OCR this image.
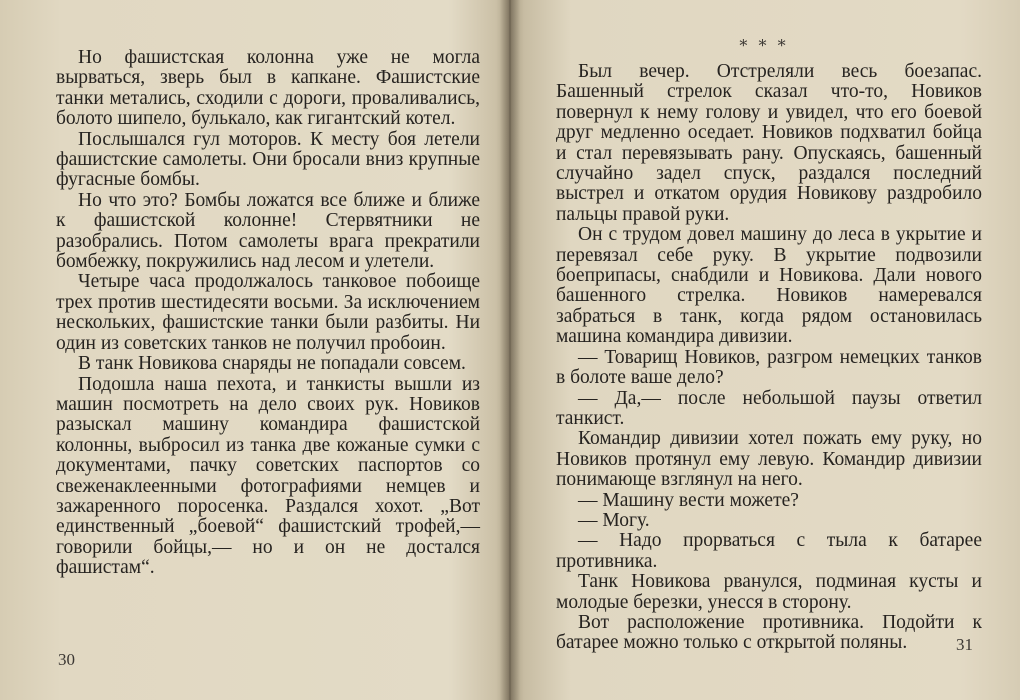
Но фашистская колонна уже не могла вырваться, зверь был в капкане. Фашистские танки метались, сходили с дороги, проваливались, болото шипело, булькало, как гигантский котел.

Послышался гул моторов. К месту боя летели фашистские самолеты. Они бросали вниз крупные фугасные бомбы.

Но что это? Бомбы ложатся все ближе и ближе к фашистской колонне! Стервятники не разобрались. Потом самолеты врага прекратили бомбежку, покружились над лесом и улетели.

Четыре часа продолжалось танковое побоище трех против шестидесяти восьми. За исключением нескольких, фашистские танки были разбиты. Ни один из советских танков не получил пробоин.

В танк Новикова снаряды не попадали совсем.

Подошла наша пехота, и танкисты вышли из машин посмотреть на дело своих рук. Новиков разыскал машину командира фашистской колонны, выбросил из танка две кожаные сумки с документами, пачку советских паспортов со свеженаклеенными фотографиями немцев и зажаренного поросенка. Раздался хохот. „Вот единственный „боевой“ фашистский трофей,— говорили бойцы,— но и он не достался фашистам“.

30
* * *

Был вечер. Отстреляли весь боезапас. Башенный стрелок сказал что-то, Новиков повернул к нему голову и увидел, что его боевой друг медленно оседает. Новиков подхватил бойца и стал перевязывать рану. Опускаясь, башенный случайно задел спуск, раздался последний выстрел и откатом орудия Новикову раздробило пальцы правой руки.

Он с трудом довел машину до леса в укрытие и перевязал себе руку. В укрытие подвозили боеприпасы, снабдили и Новикова. Дали нового башенного стрелка. Новиков намеревался забраться в танк, когда рядом остановилась машина командира дивизии.

— Товарищ Новиков, разгром немецких танков в болоте ваше дело?

— Да,— после небольшой паузы ответил танкист.

Командир дивизии хотел пожать ему руку, но Новиков протянул ему левую. Командир дивизии понимающе взглянул на него.

— Машину вести можете?

— Могу.

— Надо прорваться с тыла к батарее противника.

Танк Новикова рванулся, подминая кусты и молодые березки, унесся в сторону.

Вот расположение противника. Подойти к батарее можно только с открытой поляны.	31
